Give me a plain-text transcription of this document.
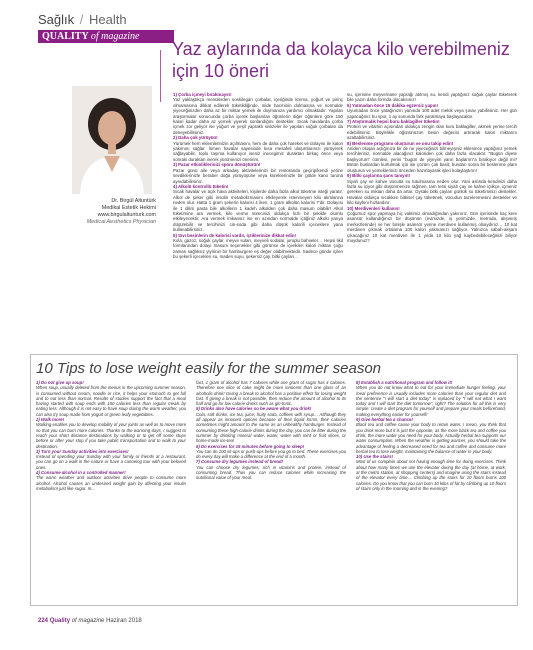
Sağlık / Health
QUALITY of magazine
Yaz aylarında da kolayca kilo verebilmeniz için 10 öneri
Dr. Birgül Altuntürk
Medikal Estetik Hekimi
www.birgulaltunturk.com
Medical Aesthetics Physician
1) Çorba içmeyi bırakmayın!

Yaz yaklaştıkça menülerden soskilegan çorbalar, içeriğinde krema, yoğurt ve pirinç olmamasına dikkat edilerek tüketildiğinde, mide hacminin dolmasına ve normalde yiyeceğinizden daha az bir miktar yemek ile doymanıza yardımcı olmaktadır. Yapılan araştırmalar sonucunda çorba içerek başlanılan öğünlerin diğer öğünlere göre 150 kalori kadar daha az yemek yiyerek sonlandığını destekler. Sıcak havalarda çorba içmek zor geliyor ise yoğurt ve yeşil yapraklı sebzeler ile yapılan soğuk çorbaları da deneyebilirsiniz.

2) Daha çok yürüyün!

Yürümek hem eklemlerinizin açılmasını, hem de daha çok hareket ve dolayısı ile kalori yakımını sağlar. İsmen havalar sayesinde kısa mesafeli ulaşımlarınızı yürüyerek sağlayabilir, toplu taşıma kullanıyor iseniz inecegimiz duraktan birkaç önce veya sonraki duraktan inerek yürümenizi öneririm.

3) Pazar etkinliklerinizi spora dönüştürün!

Pazar günü aile veya arkadaş aktivitelerinizi bir restoranda geçirip/kendi yerine sevdiklerinizle beraber doğa yürüyüşüne veya küreklerinizle bir gölde kano turuna aynıdabilirsiniz.

4) Alkolü kontrollü tüketin!

Sıcak havalar ve açık hava aktiviteleri, kişilerde daha fazla alkol tüketme isteği yaratır. Alkol de şeker gibi insülin metabolizmasını etkileyerek istenmeyen kilo alımlarına neden olur. Hatta 1 gram şekerin kalorisi 4 iken, 1 gram alkolün kalorisi 7'dir. Dolayısı ile 1 dilim pasta bile alkollerin 1 kadeh alkolden çok daha masum olabilir! Alkol tüketimine ara vermek, kilo verme sürecinizi oldukça hızlı bir şekilde olumlu etkileyecektir. Ara vermek imkansız ise en azından normalde içtiğiniz alkolü yarıya düşürebilir ve tercihinizi cin-soda gibi daha düşük kalorili içeceklere yana kullanabilirsiniz.

5) Sıvı besinlerin de kalorisi vardır, içtiklerinize dikkat edin!

Kola, gazoz, soğuk çaylar, meyve suları, meyveli sodalar, juruplu bahveler… Hepsi likit formlarından dolayı masum seçenekler gibi görünse de içerikleri kalori miktarı çoğu zaman sağlıksız yiyirinin bir hamburgere eş değer olabilmektedir. Sadece günde içilen bu şekerli içecekleri su, maden suyu, şekersiz çay, bitki çayları...

su, içerisine meyve/nane yaprağı atılmış su, kendi yaptığınız soğuk çaylar tüketerek bile yazın daha formda olacaksınız!

6) Yatmadan önce 15 dakika egzersiz yapın!

Uyumadan önce yatağınızın yanında 100 adet mekik veya şınav yabilirsiniz. Her gün yapacağınız bu spor, 1 ay sonunda fark yaratmaya başlayacaktır.

7) Atıştırmalık hepsi buru baklagiller tüketin!

Protein ve vitamin açısından oldukça zengin olan kuru baklagiller, akmek yerine tercih edebilirsiniz. Böylelikle öğününüzün besin değerini artırarak kalori miktarını azaltabilirsiniz.

8) Beslenme programı oluşturun ve onu takip edin!

Aniden oluşan açlığınıza bir de ne yiyeceğinizi bilmeyişiniz eklenince yaptığınız yemek tercihleriniz, normalde alacağınız kaloriden çok daha fazla olacaktır. "Bugün diyete başlıyorum" cümlesi, yerini "bugün de yiyeyim yarın başlarım"a bırakıyor değil mi? Bütün bunlardan kurtulmak için ise çözüm çok basit; bundan sonra bir beslenme planı oluşturun ve yemeklerinizi önceden hazırlayarak işleri kolaylaştırın!

9) Bitki çaylarına şans tanıyın!

Siyah çay ve kahve vücutta su tutulmasına neden olur. Yani aslında kendinizi daha fazla su içiyor gibi düşünmenize rağmen, tam tersi siyah çay ve kahve içtikçe, içmeniz gereken su miktarı daha da artar. Oysaki bitki çayları günlük su tüketiminizi destekler. Havalar oldukça sıcakken bitkisel çay tüketmek, vücudun tazelenmesini destekler ve kilo kaybını hızlandırır.

10) Merdivenleri kullanın!

Çoğumuz spor yapmaya hiç vaktimiz olmadığından yakınırız. Gün içerisinde kaç kere asansör kullandığınızı bir düşünün (evimizde, iş yerimizde, metroda, alışveriş merkezlerinde) ve her binişle asansör yerine merdiven kullanmış olsaydınız… 10 kat merdiven çıkmak ortalama 100 kalori yakmanızı sağlıyor. Yalnızca sabah-akşam çıkacağınız 10 kat merdiven ile 1 yılda 10 kilo yağ kaybedebileceğinizi biliyor muydunuz?

10 Tips to lose weight easily for the summer season
1) Do not give up soup!

When soup, usually deleted from the menus in the upcoming summer season, is consumed without cream, noodle or rice, it helps your stomach to get full and to eat less than normal. Results of studies support the fact that a meal having started with soup ends with 150 calories less than regular meals by eating less. Although it is not easy to have soup during the warm weather, you can also try soup made from yogurt or green leafy vegetables.

2) Walk more!

Walking enables you to develop mobility of your joints as well as to move more so that you can burn more calories. Thanks to the warming days, I suggest to reach your short distance destinations by walking or to get off some stops before or after your stop if you take public transportation and to walk to your destination.

3) Turn your Sunday activities into exercises!

Instead of spending your Sunday with your family or friends at a restaurant, you can go on a walk in the nature or have a canoeing tour with your beloved ones.

4) Consume alcohol in a controlled manner!

The warm weather and outdoor activities drive people to consume more alcohol. Alcohol causes an undesired weight gain by affecting your insulin metabolism just like sugar. In...

fact, 1 gram of alcohol has 7 calories while one gram of sugar has 4 calories. Therefore one slice of cake might be more innocent than one glass of an alcoholic drink! Giving a break to alcohol has a positive effect for losing weight fast. If giving a break is not possible, then reduce the amount of alcohol to its half and go for low calorie drinks such as gin-tonic.

5) Drinks also have calories so be aware what you drink!

Cola, soft drinks, ice tea, juice, fruity soda, coffees with syrup… Although they all appear as innocent options because of their liquid forms, their calories sometimes might amount to the same as an unhealthy hamburger. Instead of consuming these high-calorie drinks during the day, you can be fitter during the summer by drinking mineral water, water, water with mint or fruit slices, or home-made ice-tea!

6) Do exercises for 15 minutes before going to sleep!

You can do 100 sit-ups or push-ups before you go to bed. These exercises you do every day will make a difference at the end of a month.

7) Consume dry legumes instead of bread!

You can choose dry legumes, rich in vitamins and protein, instead of consuming bread. Thus you can reduce calories while increasing the nutritional value of your meal.

8) Establish a nutritional program and follow it!

When you do not know what to eat for your immediate hunger feeling, your meal preference is usually includes more calories than your regular diet and the sentence "I will start a diet today" is replaced by "I will eat what I want today and I will start the diet tomorrow", right? The solution for all this is very simple: create a diet program for yourself and prepare your meals beforehand, making everything easier for yourself!

9) Give herbal tea a chance!

Black tea and coffee cause your body to retain water. I mean, you think that you drink more but it is just the opposite, as the more black tea and coffee you drink, the more water you need for your body. Actually herbal tea supports our water consumption. When the weather is getting warmer, you should take the advantage of feeling a decreased need for tea and coffee and consume more herbal tea to lose weight, maintaining the balance of water in your body.

10) Use the stairs!

Most of us complain about not having enough time for doing exercises. Think about how many times we use the elevator during the day (at home, at work, at the metro station, at shopping centers) and imagine using the stairs instead of the elevator every time… Climbing up the stairs for 10 floors burns 100 calories. Do you know that you can burn 10 kilos of fat by climbing up 10 floors of stairs only in the morning and in the evening?

224 Quality of magazine Haziran 2018
